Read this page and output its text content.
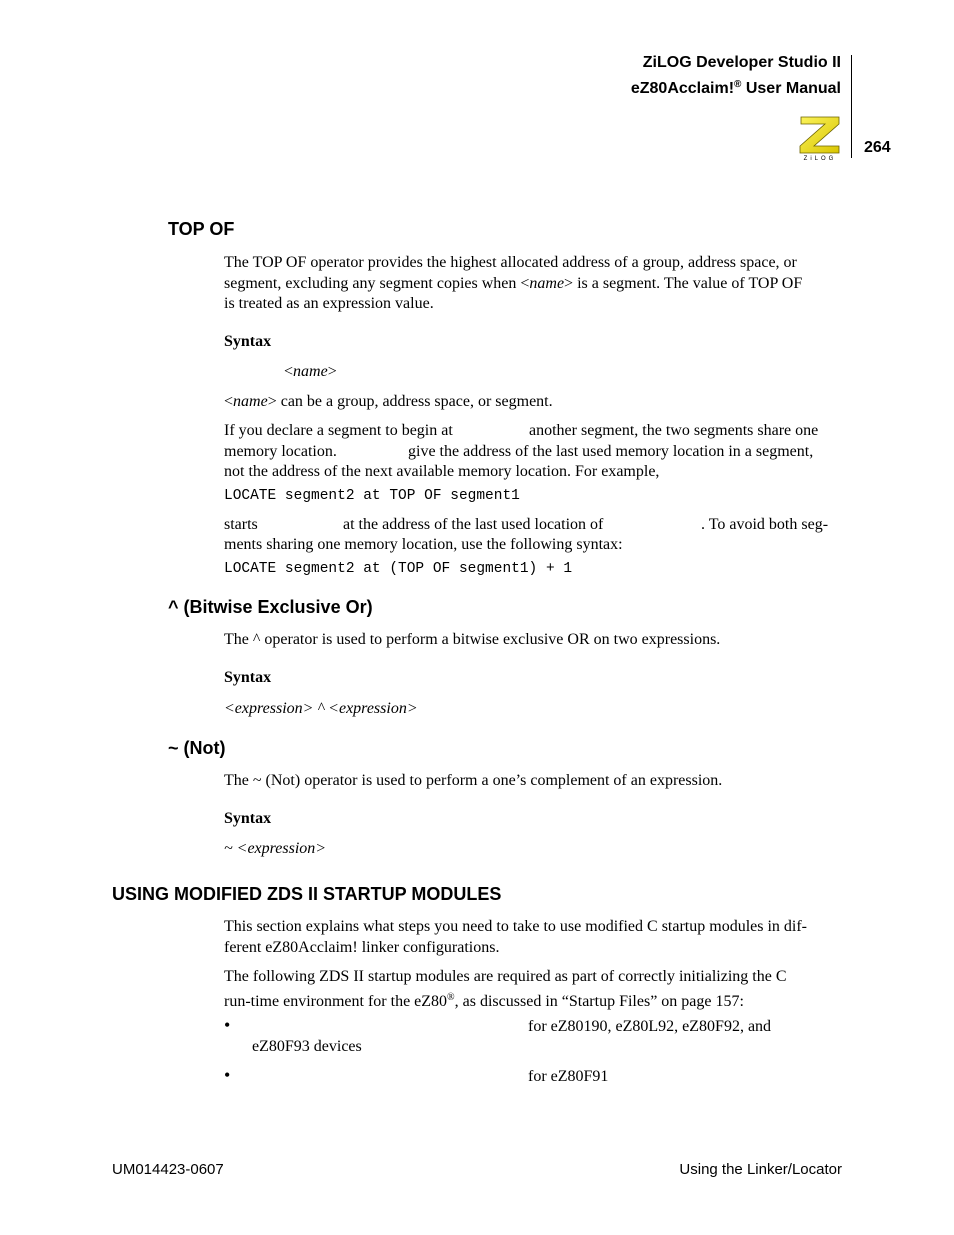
ZiLOG Developer Studio II
eZ80Acclaim!® User Manual
ZiLOG
264
TOP OF
The TOP OF operator provides the highest allocated address of a group, address space, or
segment, excluding any segment copies when <name> is a segment. The value of TOP OF
is treated as an expression value.
Syntax
<name>
<name> can be a group, address space, or segment.
If you declare a segment to begin at	another segment, the two segments share one
memory location.	give the address of the last used memory location in a segment,
not the address of the next available memory location. For example,
LOCATE segment2 at TOP OF segment1
starts	at the address of the last used location of	. To avoid both seg-
ments sharing one memory location, use the following syntax:
LOCATE segment2 at (TOP OF segment1) + 1
^ (Bitwise Exclusive Or)
The ^ operator is used to perform a bitwise exclusive OR on two expressions.
Syntax
<expression> ^ <expression>
~ (Not)
The ~ (Not) operator is used to perform a one’s complement of an expression.
Syntax
~ <expression>
USING MODIFIED ZDS II STARTUP MODULES
This section explains what steps you need to take to use modified C startup modules in dif-
ferent eZ80Acclaim! linker configurations.
The following ZDS II startup modules are required as part of correctly initializing the C
run-time environment for the eZ80®, as discussed in “Startup Files” on page 157:
•	for eZ80190, eZ80L92, eZ80F92, and
eZ80F93 devices
•	for eZ80F91
UM014423-0607	Using the Linker/Locator
